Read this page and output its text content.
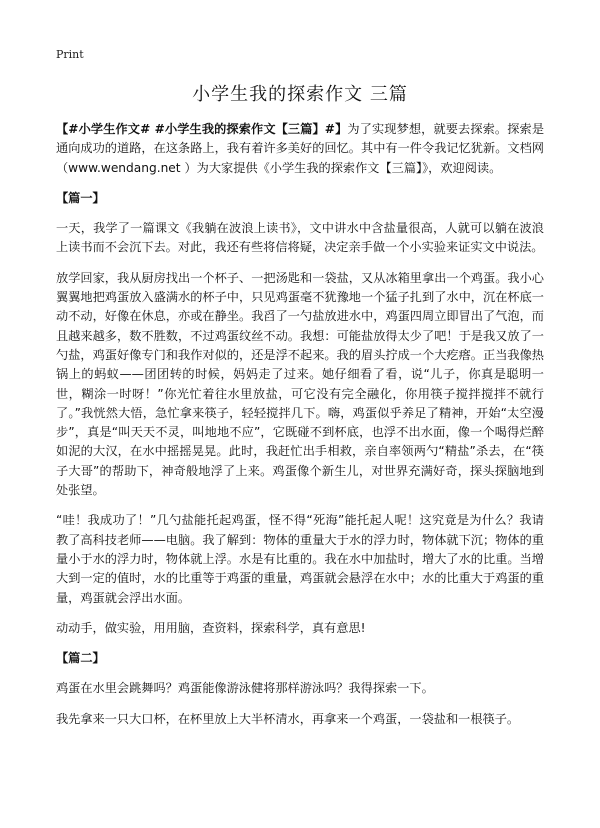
Print
小学生我的探索作文 三篇

【#小学生作文# #小学生我的探索作文【三篇】#】为了实现梦想，就要去探索。探索是通向成功的道路，在这条路上，我有着许多美好的回忆。其中有一件令我记忆犹新。文档网（www.wendang.net ）为大家提供《小学生我的探索作文【三篇】》，欢迎阅读。

【篇一】

一天，我学了一篇课文《我躺在波浪上读书》，文中讲水中含盐量很高，人就可以躺在波浪上读书而不会沉下去。对此，我还有些将信将疑，决定亲手做一个小实验来证实文中说法。

放学回家，我从厨房找出一个杯子、一把汤匙和一袋盐，又从冰箱里拿出一个鸡蛋。我小心翼翼地把鸡蛋放入盛满水的杯子中，只见鸡蛋毫不犹豫地一个猛子扎到了水中，沉在杯底一动不动，好像在休息，亦或在静坐。我舀了一勺盐放进水中，鸡蛋四周立即冒出了气泡，而且越来越多，数不胜数，不过鸡蛋纹丝不动。我想：可能盐放得太少了吧！于是我又放了一勺盐，鸡蛋好像专门和我作对似的，还是浮不起来。我的眉头拧成一个大疙瘩。正当我像热锅上的蚂蚁——团团转的时候，妈妈走了过来。她仔细看了看，说“儿子，你真是聪明一世，糊涂一时呀！”你光忙着往水里放盐，可它没有完全融化，你用筷子搅拌搅拌不就行了。”我恍然大悟，急忙拿来筷子，轻轻搅拌几下。嗨，鸡蛋似乎养足了精神，开始“太空漫步”，真是“叫天天不灵，叫地地不应”，它既碰不到杯底，也浮不出水面，像一个喝得烂醉如泥的大汉，在水中摇摇晃晃。此时，我赶忙出手相救，亲自率领两勺“精盐”杀去，在“筷子大哥”的帮助下，神奇般地浮了上来。鸡蛋像个新生儿，对世界充满好奇，探头探脑地到处张望。

“哇！我成功了！”几勺盐能托起鸡蛋，怪不得“死海”能托起人呢！这究竟是为什么？我请教了高科技老师——电脑。我了解到：物体的重量大于水的浮力时，物体就下沉；物体的重量小于水的浮力时，物体就上浮。水是有比重的。我在水中加盐时，增大了水的比重。当增大到一定的值时，水的比重等于鸡蛋的重量，鸡蛋就会悬浮在水中；水的比重大于鸡蛋的重量，鸡蛋就会浮出水面。

动动手，做实验，用用脑，查资料，探索科学，真有意思!

【篇二】

鸡蛋在水里会跳舞吗？鸡蛋能像游泳健将那样游泳吗？我得探索一下。

我先拿来一只大口杯，在杯里放上大半杯清水，再拿来一个鸡蛋，一袋盐和一根筷子。
